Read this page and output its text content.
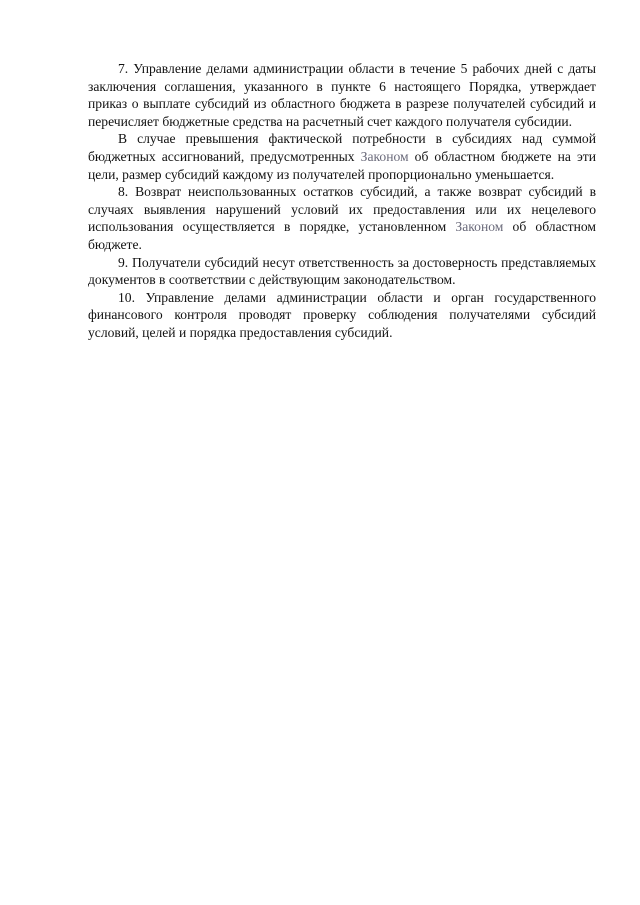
7. Управление делами администрации области в течение 5 рабочих дней с даты заключения соглашения, указанного в пункте 6 настоящего Порядка, утверждает приказ о выплате субсидий из областного бюджета в разрезе получателей субсидий и перечисляет бюджетные средства на расчетный счет каждого получателя субсидии.

В случае превышения фактической потребности в субсидиях над суммой бюджетных ассигнований, предусмотренных Законом об областном бюджете на эти цели, размер субсидий каждому из получателей пропорционально уменьшается.

8. Возврат неиспользованных остатков субсидий, а также возврат субсидий в случаях выявления нарушений условий их предоставления или их нецелевого использования осуществляется в порядке, установленном Законом об областном бюджете.

9. Получатели субсидий несут ответственность за достоверность представляемых документов в соответствии с действующим законодательством.

10. Управление делами администрации области и орган государственного финансового контроля проводят проверку соблюдения получателями субсидий условий, целей и порядка предоставления субсидий.
